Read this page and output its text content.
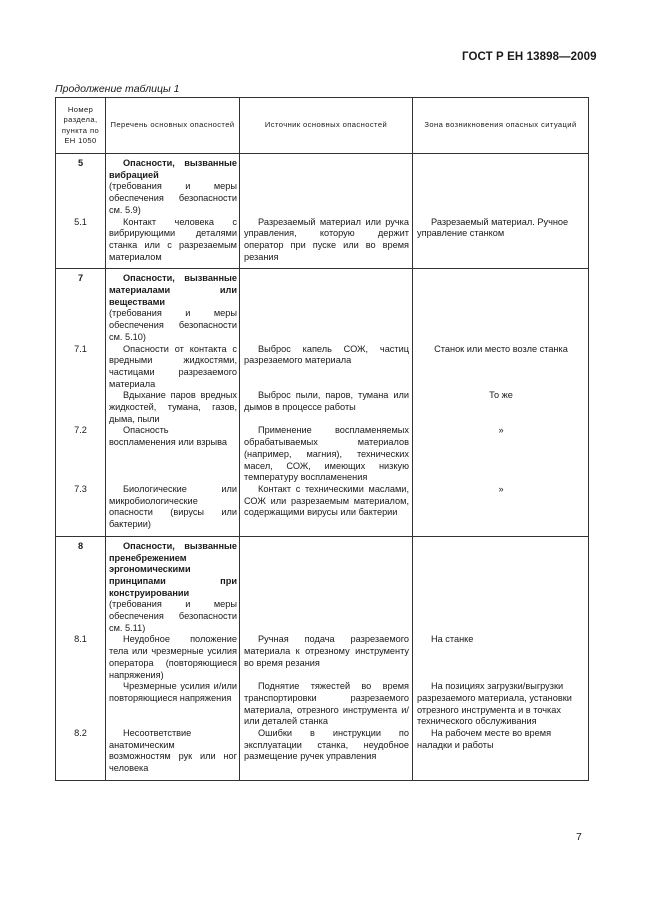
ГОСТ Р ЕН 13898—2009
Продолжение таблицы 1
Номер раздела, пункта по ЕН 1050	Перечень основных опасностей	Источник основных опасностей	Зона возникновения опасных ситуаций
5	Опасности, вызванные вибрацией
(требования и меры обеспечения безопасности см. 5.9)		

5.1	Контакт человека с вибрирующими деталями станка или с разрезаемым материалом	Разрезаемый материал или ручка управления, которую держит оператор при пуске или во время резания	Разрезаемый материал. Ручное управление станком
7	Опасности, вызванные материалами или веществами
(требования и меры обеспечения безопасности см. 5.10)		

7.1	Опасности от контакта с вредными жидкостями, частицами разрезаемого материала	Выброс капель СОЖ, частиц разрезаемого материала	Станок или место возле станка
	Вдыхание паров вредных жидкостей, тумана, газов, дыма, пыли	Выброс пыли, паров, тумана или дымов в процессе работы	То же
7.2	Опасность воспламенения или взрыва	Применение воспламеняемых обрабатываемых материалов (например, магния), технических масел, СОЖ, имеющих низкую температуру воспламенения	»
7.3	Биологические или микробиологические опасности (вирусы или бактерии)	Контакт с техническими маслами, СОЖ или разрезаемым материалом, содержащими вирусы или бактерии	»
8	Опасности, вызванные пренебрежением эргономическими принципами при конструировании
(требования и меры обеспечения безопасности см. 5.11)		

8.1	Неудобное положение тела или чрезмерные усилия оператора (повторяющиеся напряжения)	Ручная подача разрезаемого материала к отрезному инструменту во время резания	На станке
	Чрезмерные усилия и/или повторяющиеся напряжения	Поднятие тяжестей во время транспортировки разрезаемого материала, отрезного инструмента и/или деталей станка	На позициях загрузки/выгрузки разрезаемого материала, установки отрезного инструмента и в точках технического обслуживания
8.2	Несоответствие анатомическим возможностям рук или ног человека	Ошибки в инструкции по эксплуатации станка, неудобное размещение ручек управления	На рабочем месте во время наладки и работы
7
